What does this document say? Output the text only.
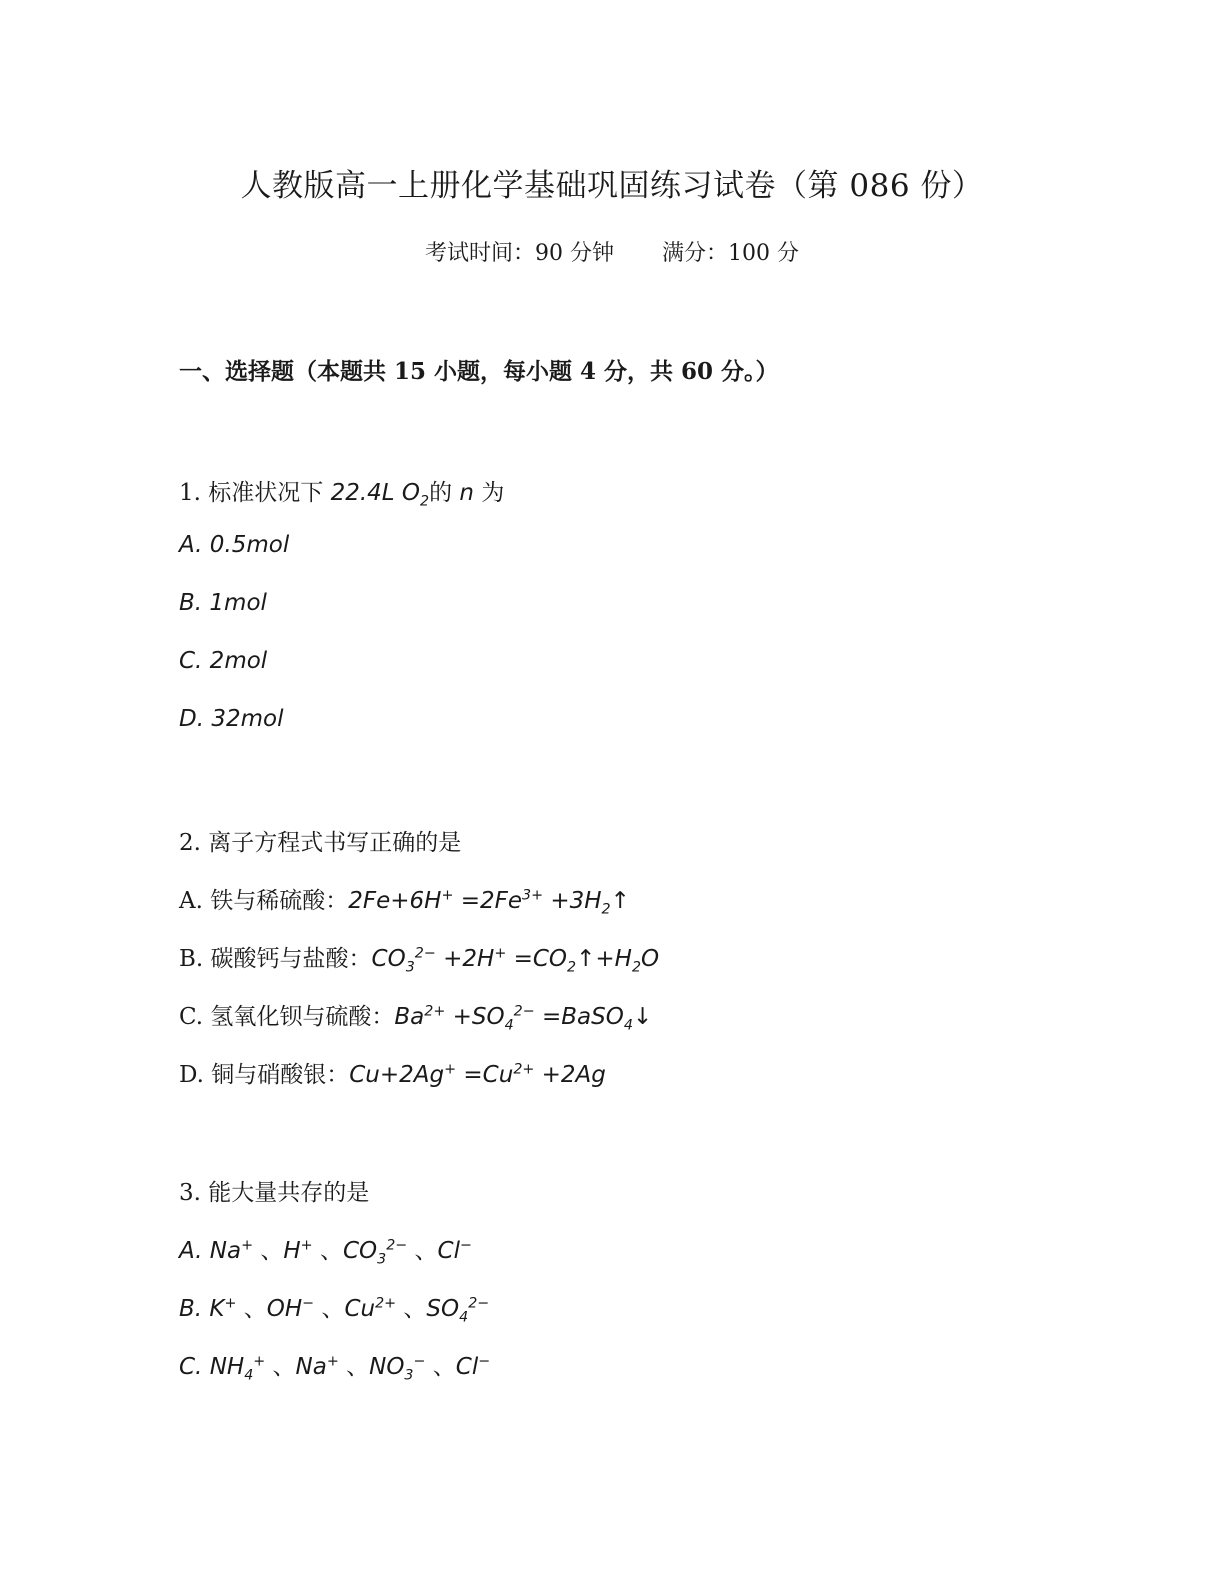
人教版高一上册化学基础巩固练习试卷（第 086 份）
考试时间：90 分钟 满分：100 分
一、选择题（本题共 15 小题，每小题 4 分，共 60 分。）
1. 标准状况下 22.4L $O_2$的 n 为
A. 0.5mol
B. 1mol
C. 2mol
D. 32mol
2. 离子方程式书写正确的是
A. 铁与稀硫酸：$2Fe+6H^+ =2Fe^{3+}$ $+3H_2↑$
B. 碳酸钙与盐酸：$CO_3^{2-} +2H^+$ $=CO_2↑+H_2O$
C. 氢氧化钡与硫酸：$Ba^{2+} +SO_4^{2-}$ =BaSO$_4$↓
D. 铜与硝酸银：$Cu+2Ag^+ =Cu^{2+} +2Ag$
3. 能大量共存的是
A. Na+ 、H+ 、$CO_3^{2-}$ 、Cl−
B. K+ 、OH− 、$Cu^{2+}$ 、$SO_4^{2-}$
C. $NH_4^+$ 、Na+ 、$NO_3^-$ 、Cl−
